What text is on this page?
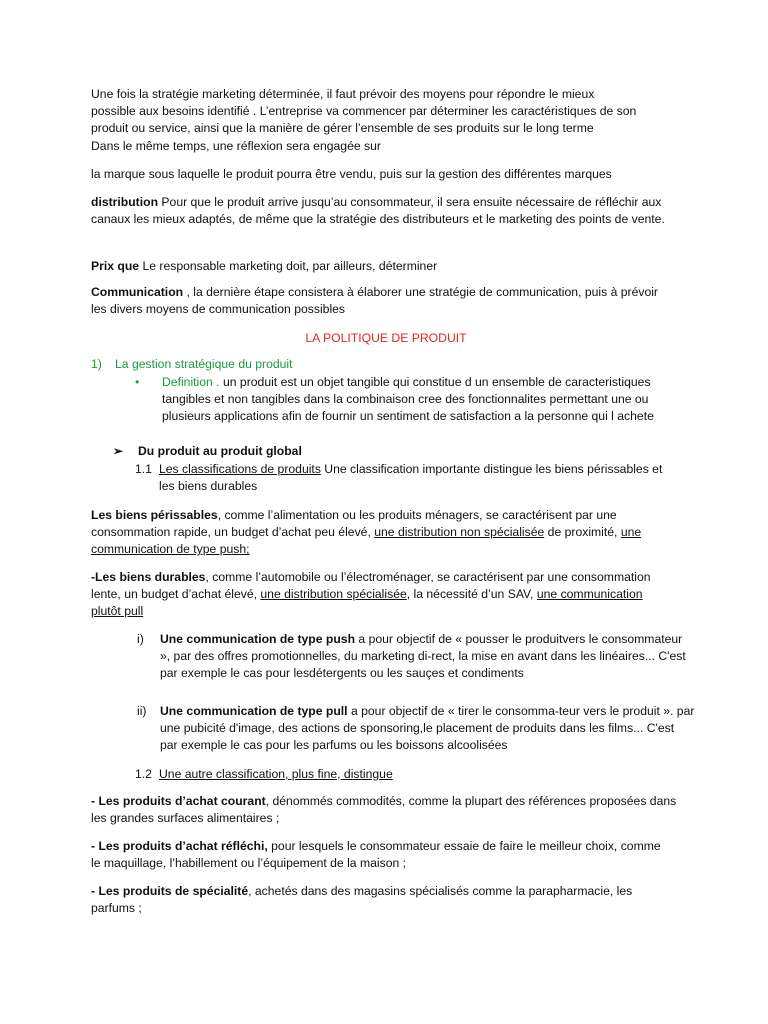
Une fois la stratégie marketing déterminée, il faut prévoir des moyens pour répondre le mieux
possible aux besoins identifié . L’entreprise va commencer par déterminer les caractéristiques de son
produit ou service, ainsi que la manière de gérer l’ensemble de ses produits sur le long terme
Dans le même temps, une réflexion sera engagée sur

la marque sous laquelle le produit pourra être vendu, puis sur la gestion des différentes marques

distribution Pour que le produit arrive jusqu’au consommateur, il sera ensuite nécessaire de réfléchir aux canaux les mieux adaptés, de même que la stratégie des distributeurs et le marketing des points de vente.

Prix que Le responsable marketing doit, par ailleurs, déterminer

Communication , la dernière étape consistera à élaborer une stratégie de communication, puis à prévoir les divers moyens de communication possibles

LA POLITIQUE DE PRODUIT

1) La gestion stratégique du produit

• Definition . un produit est un objet tangible qui constitue d un ensemble de caracteristiques tangibles et non tangibles dans la combinaison cree des fonctionnalites permettant une ou plusieurs applications afin de fournir un sentiment de satisfaction a la personne qui l achete

➢ Du produit au produit global

1.1 Les classifications de produits Une classification importante distingue les biens périssables et les biens durables

Les biens périssables, comme l’alimentation ou les produits ménagers, se caractérisent par une consommation rapide, un budget d’achat peu élevé, une distribution non spécialisée de proximité, une communication de type push;

-Les biens durables, comme l’automobile ou l’électroménager, se caractérisent par une consommation lente, un budget d’achat élevé, une distribution spécialisée, la nécessité d’un SAV, une communication plutôt pull

i) Une communication de type push a pour objectif de « pousser le produitvers le consommateur », par des offres promotionnelles, du marketing di-rect, la mise en avant dans les linéaires... C'est par exemple le cas pour lesdétergents ou les sauçes et condiments

ii) Une communication de type pull a pour objectif de « tirer le consomma-teur vers le produit ». par une pubicité d'image, des actions de sponsoring,le placement de produits dans les films... C'est par exemple le cas pour les parfums ou les boissons alcoolisées

1.2 Une autre classification, plus fine, distingue

- Les produits d’achat courant, dénommés commodités, comme la plupart des références proposées dans les grandes surfaces alimentaires ;

- Les produits d’achat réfléchi, pour lesquels le consommateur essaie de faire le meilleur choix, comme le maquillage, l’habillement ou l’équipement de la maison ;

- Les produits de spécialité, achetés dans des magasins spécialisés comme la parapharmacie, les parfums ;
